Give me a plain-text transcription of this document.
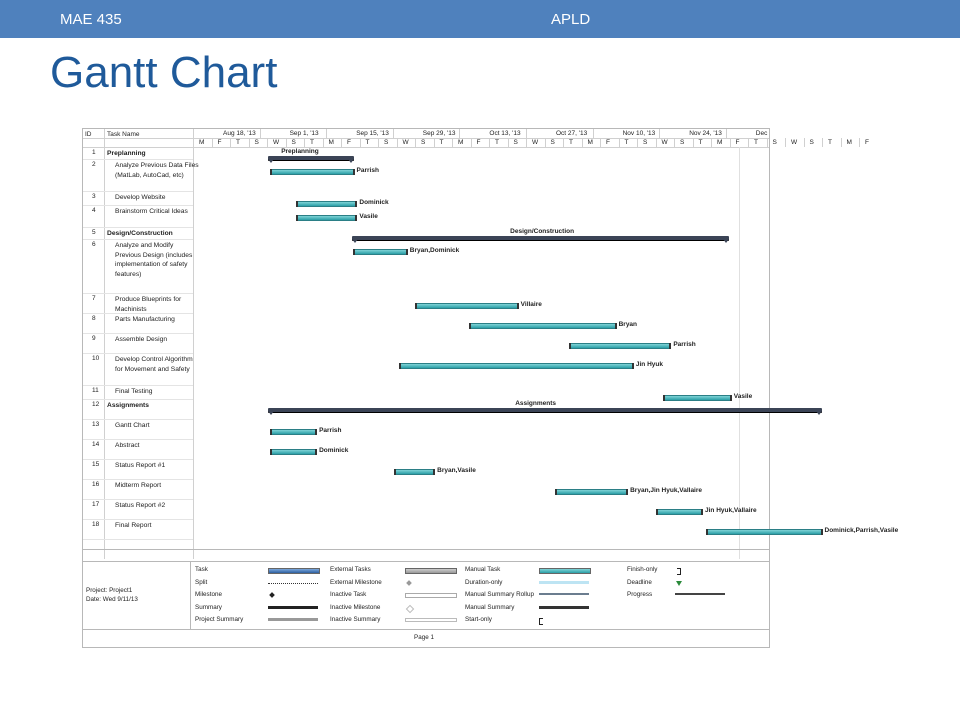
MAE 435	APLD
Gantt Chart
ID Task Name
Project: Project1
Date: Wed 9/11/13
Page 1
Aug 18, '13	Sep 1, '13	Sep 15, '13	Sep 29, '13	Oct 13, '13	Oct 27, '13	Nov 10, '13	Nov 24, '13	Dec
M F T S W S T M F T S W S T M F T S W S T M F T S W S T M F T S W S T M F
1	Preplanning	Preplanning
2	Analyze Previous Data Files (MatLab, AutoCad, etc)
Parrish
3	Develop Website
Dominick
4	Brainstorm Critical Ideas
Vasile
5	Design/Construction	Design/Construction
6	Analyze and Modify Previous Design (includes implementation of safety features)
Bryan,Dominick
7	Produce Blueprints for Machinists
Villaire
8	Parts Manufacturing
Bryan
9	Assemble Design
Parrish
10	Develop Control Algorithm for Movement and Safety
Jin Hyuk
11	Final Testing
Vasile
12	Assignments	Assignments
13	Gantt Chart
Parrish
14	Abstract
Dominick
15	Status Report #1
Bryan,Vasile
16	Midterm Report
Bryan,Jin Hyuk,Vallaire
17	Status Report #2
Jin Hyuk,Vallaire
18	Final Report
Dominick,Parrish,Vasile
Task
Split
Milestone
Summary
Project Summary
External Tasks
External Milestone
Inactive Task
Inactive Milestone
Inactive Summary
Manual Task
Duration-only
Manual Summary Rollup
Manual Summary
Start-only
Finish-only
Deadline
Progress
